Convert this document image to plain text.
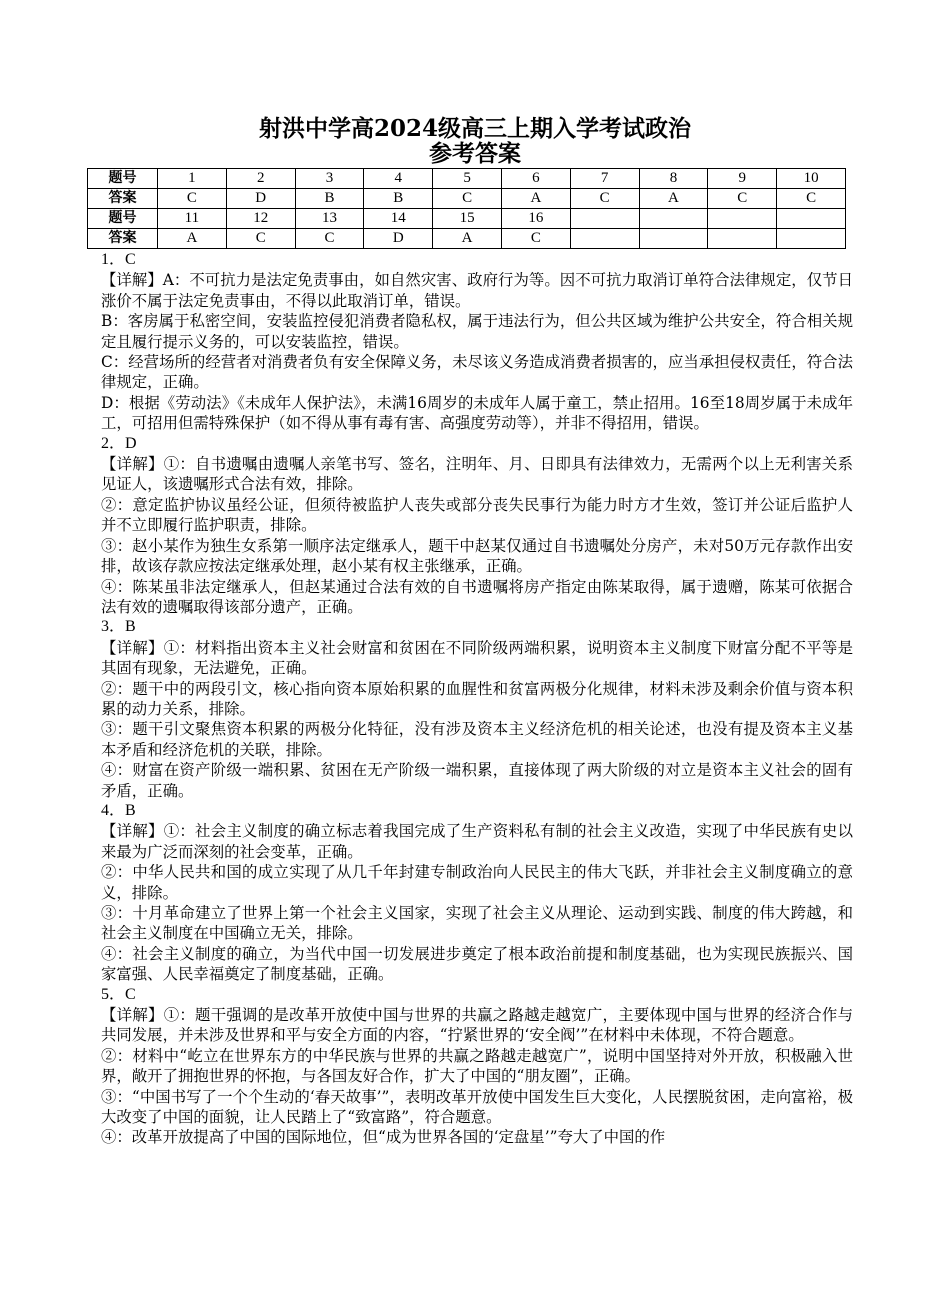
射洪中学高2024级高三上期入学考试政治
参考答案
题号	1	2	3	4	5	6	7	8	9	10
答案	C	D	B	B	C	A	C	A	C	C
题号	11	12	13	14	15	16				
答案	A	C	C	D	A	C				

1．C

【详解】A：不可抗力是法定免责事由，如自然灾害、政府行为等。因不可抗力取消订单符合法律规定，仅节日涨价不属于法定免责事由，不得以此取消订单，错误。

B：客房属于私密空间，安装监控侵犯消费者隐私权，属于违法行为，但公共区域为维护公共安全，符合相关规定且履行提示义务的，可以安装监控，错误。

C：经营场所的经营者对消费者负有安全保障义务，未尽该义务造成消费者损害的，应当承担侵权责任，符合法律规定，正确。

D：根据《劳动法》《未成年人保护法》，未满16周岁的未成年人属于童工，禁止招用。16至18周岁属于未成年工，可招用但需特殊保护（如不得从事有毒有害、高强度劳动等），并非不得招用，错误。

2．D

【详解】①：自书遗嘱由遗嘱人亲笔书写、签名，注明年、月、日即具有法律效力，无需两个以上无利害关系见证人，该遗嘱形式合法有效，排除。

②：意定监护协议虽经公证，但须待被监护人丧失或部分丧失民事行为能力时方才生效，签订并公证后监护人并不立即履行监护职责，排除。

③：赵小某作为独生女系第一顺序法定继承人，题干中赵某仅通过自书遗嘱处分房产，未对50万元存款作出安排，故该存款应按法定继承处理，赵小某有权主张继承，正确。

④：陈某虽非法定继承人，但赵某通过合法有效的自书遗嘱将房产指定由陈某取得，属于遗赠，陈某可依据合法有效的遗嘱取得该部分遗产，正确。

3．B

【详解】①：材料指出资本主义社会财富和贫困在不同阶级两端积累，说明资本主义制度下财富分配不平等是其固有现象，无法避免，正确。

②：题干中的两段引文，核心指向资本原始积累的血腥性和贫富两极分化规律，材料未涉及剩余价值与资本积累的动力关系，排除。

③：题干引文聚焦资本积累的两极分化特征，没有涉及资本主义经济危机的相关论述，也没有提及资本主义基本矛盾和经济危机的关联，排除。

④：财富在资产阶级一端积累、贫困在无产阶级一端积累，直接体现了两大阶级的对立是资本主义社会的固有矛盾，正确。

4．B

【详解】①：社会主义制度的确立标志着我国完成了生产资料私有制的社会主义改造，实现了中华民族有史以来最为广泛而深刻的社会变革，正确。

②：中华人民共和国的成立实现了从几千年封建专制政治向人民民主的伟大飞跃，并非社会主义制度确立的意义，排除。

③：十月革命建立了世界上第一个社会主义国家，实现了社会主义从理论、运动到实践、制度的伟大跨越，和社会主义制度在中国确立无关，排除。

④：社会主义制度的确立，为当代中国一切发展进步奠定了根本政治前提和制度基础，也为实现民族振兴、国家富强、人民幸福奠定了制度基础，正确。

5．C

【详解】①：题干强调的是改革开放使中国与世界的共赢之路越走越宽广，主要体现中国与世界的经济合作与共同发展，并未涉及世界和平与安全方面的内容，“拧紧世界的‘安全阀’”在材料中未体现，不符合题意。

②：材料中“屹立在世界东方的中华民族与世界的共赢之路越走越宽广”，说明中国坚持对外开放，积极融入世界，敞开了拥抱世界的怀抱，与各国友好合作，扩大了中国的“朋友圈”，正确。

③：“中国书写了一个个生动的‘春天故事’”，表明改革开放使中国发生巨大变化，人民摆脱贫困，走向富裕，极大改变了中国的面貌，让人民踏上了“致富路”，符合题意。

④：改革开放提高了中国的国际地位，但“成为世界各国的‘定盘星’”夸大了中国的作
